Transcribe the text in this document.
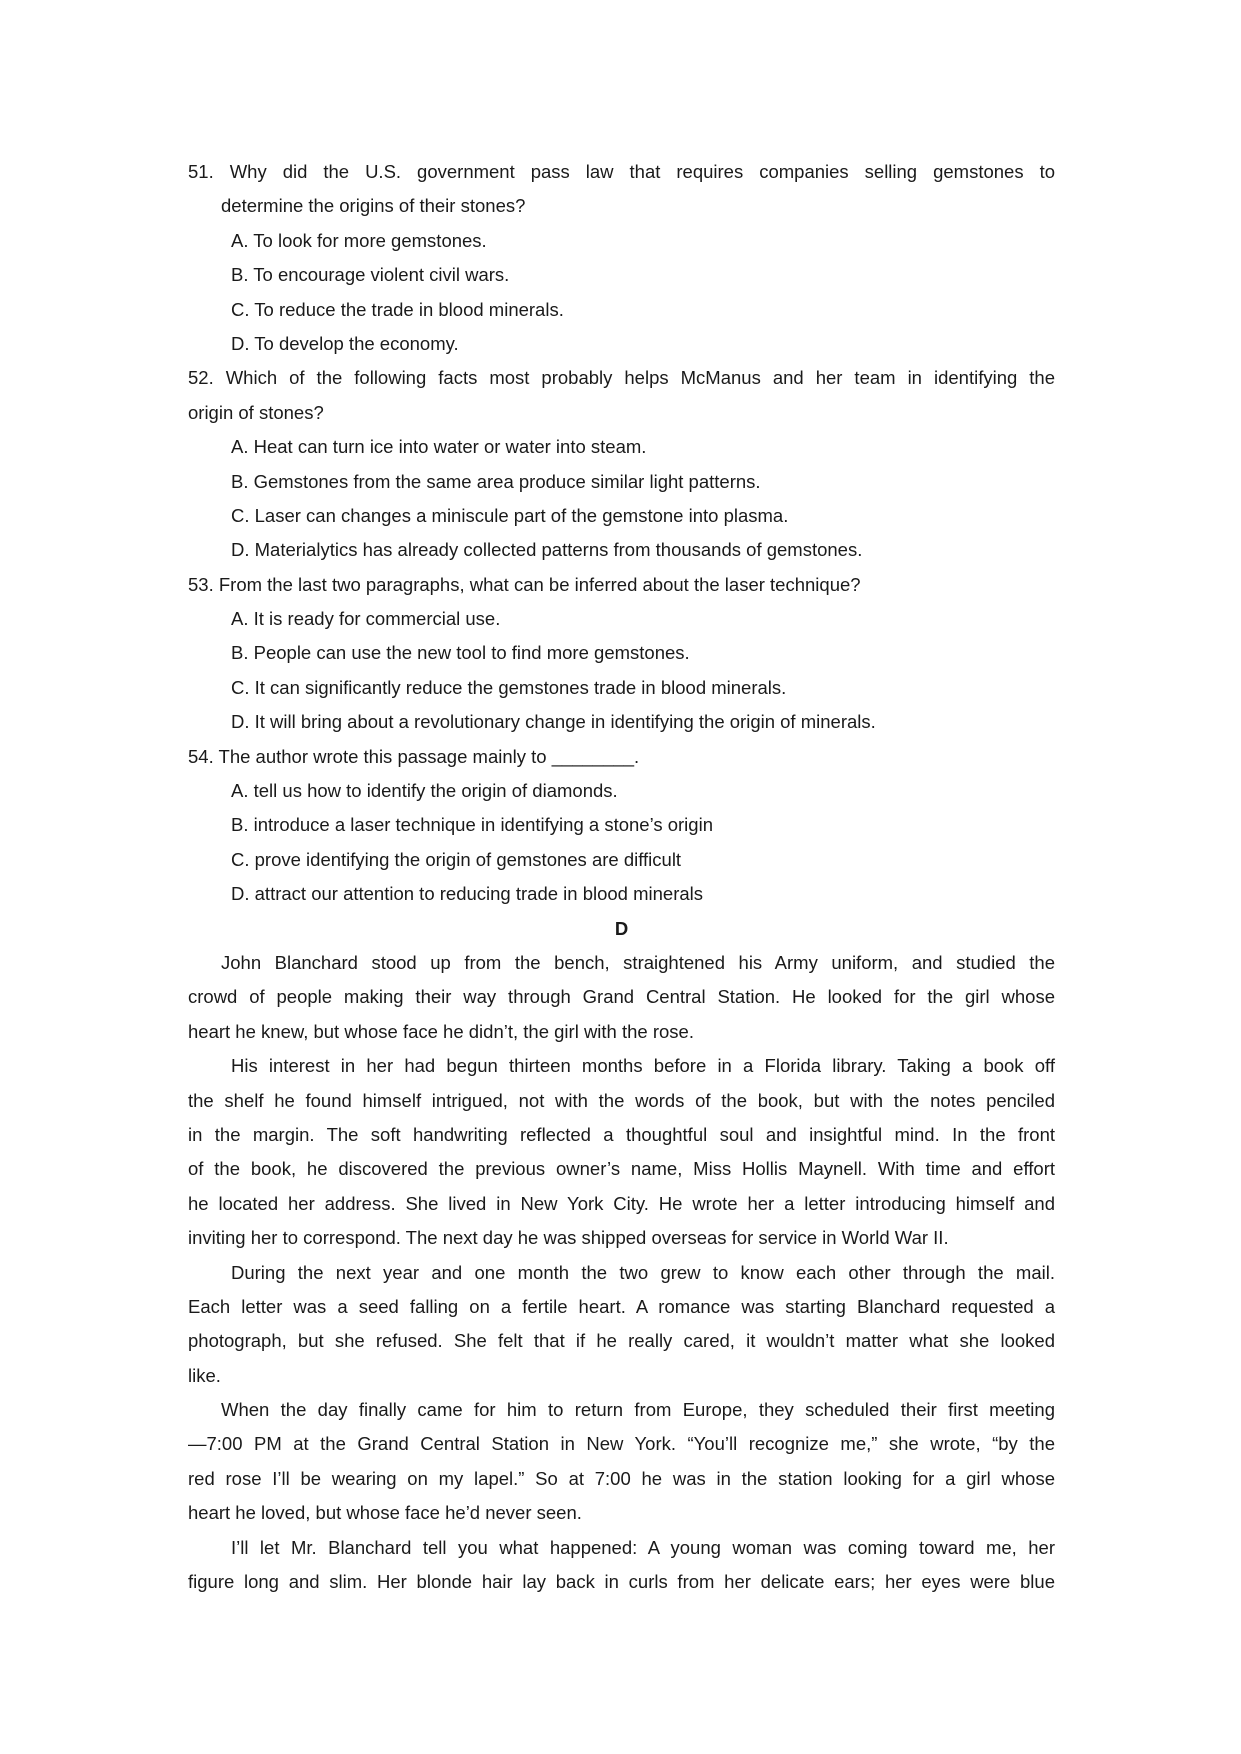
51. Why did the U.S. government pass law that requires companies selling gemstones to
determine the origins of their stones?
A. To look for more gemstones.
B. To encourage violent civil wars.
C. To reduce the trade in blood minerals.
D. To develop the economy.
52. Which of the following facts most probably helps McManus and her team in identifying the
origin of stones?
A. Heat can turn ice into water or water into steam.
B. Gemstones from the same area produce similar light patterns.
C. Laser can changes a miniscule part of the gemstone into plasma.
D. Materialytics has already collected patterns from thousands of gemstones.
53. From the last two paragraphs, what can be inferred about the laser technique?
A. It is ready for commercial use.
B. People can use the new tool to find more gemstones.
C. It can significantly reduce the gemstones trade in blood minerals.
D. It will bring about a revolutionary change in identifying the origin of minerals.
54. The author wrote this passage mainly to ________.
A. tell us how to identify the origin of diamonds.
B. introduce a laser technique in identifying a stone’s origin
C. prove identifying the origin of gemstones are difficult
D. attract our attention to reducing trade in blood minerals
D
John Blanchard stood up from the bench, straightened his Army uniform, and studied the
crowd of people making their way through Grand Central Station. He looked for the girl whose
heart he knew, but whose face he didn’t, the girl with the rose.
His interest in her had begun thirteen months before in a Florida library. Taking a book off
the shelf he found himself intrigued, not with the words of the book, but with the notes penciled
in the margin. The soft handwriting reflected a thoughtful soul and insightful mind. In the front
of the book, he discovered the previous owner’s name, Miss Hollis Maynell. With time and effort
he located her address. She lived in New York City. He wrote her a letter introducing himself and
inviting her to correspond. The next day he was shipped overseas for service in World War II.
During the next year and one month the two grew to know each other through the mail.
Each letter was a seed falling on a fertile heart. A romance was starting Blanchard requested a
photograph, but she refused. She felt that if he really cared, it wouldn’t matter what she looked
like.
When the day finally came for him to return from Europe, they scheduled their first meeting
—7:00 PM at the Grand Central Station in New York. “You’ll recognize me,” she wrote, “by the
red rose I’ll be wearing on my lapel.” So at 7:00 he was in the station looking for a girl whose
heart he loved, but whose face he’d never seen.
I’ll let Mr. Blanchard tell you what happened: A young woman was coming toward me, her
figure long and slim. Her blonde hair lay back in curls from her delicate ears; her eyes were blue
